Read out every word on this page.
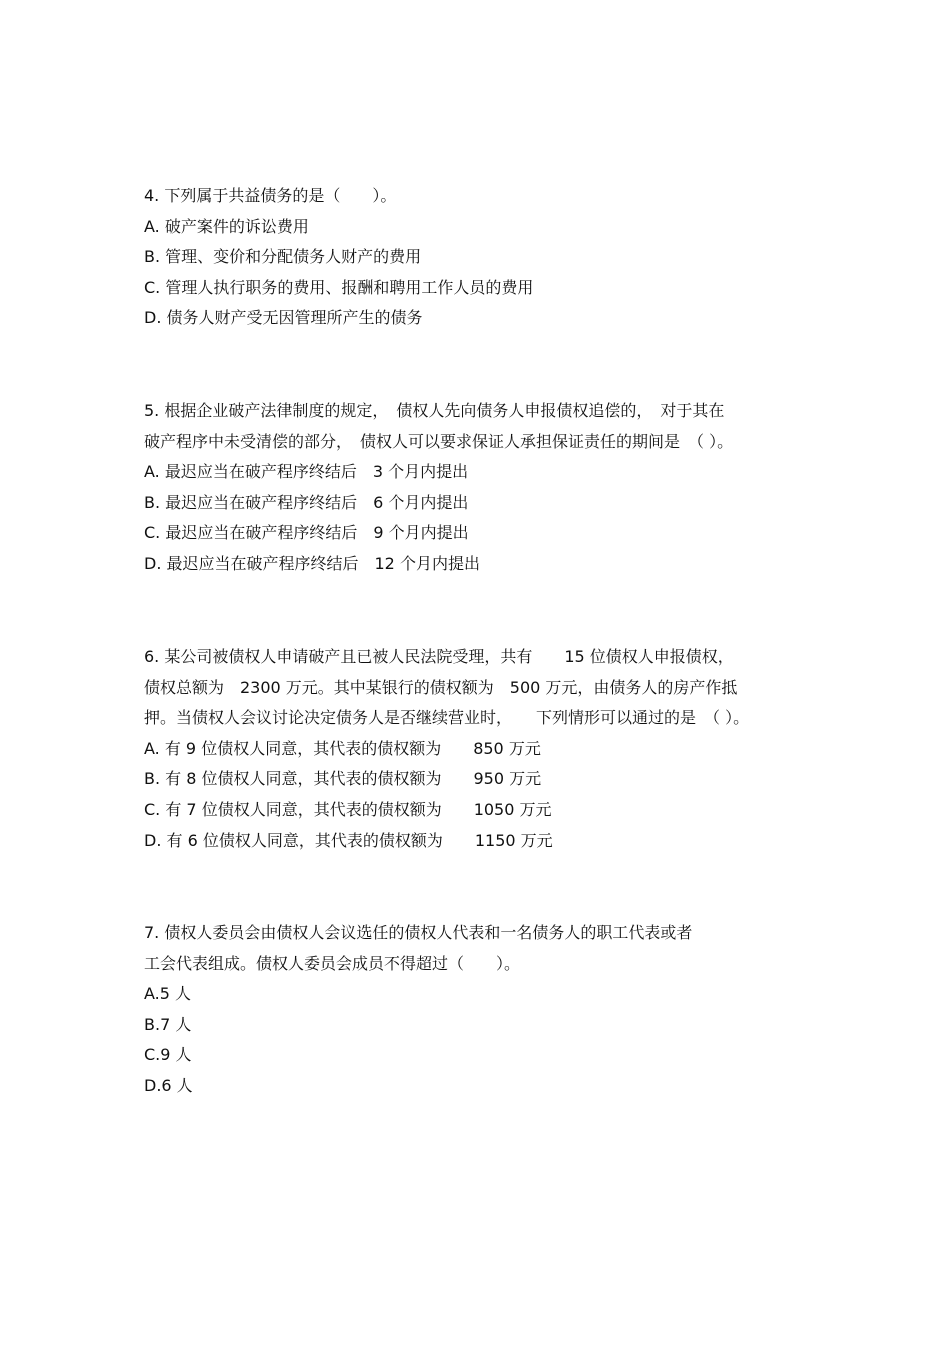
4. 下列属于共益债务的是（　　）。
A. 破产案件的诉讼费用
B. 管理、变价和分配债务人财产的费用
C. 管理人执行职务的费用、报酬和聘用工作人员的费用
D. 债务人财产受无因管理所产生的债务
5. 根据企业破产法律制度的规定，　债权人先向债务人申报债权追偿的，　对于其在
破产程序中未受清偿的部分，　债权人可以要求保证人承担保证责任的期间是　（ ）。
A. 最迟应当在破产程序终结后　3 个月内提出
B. 最迟应当在破产程序终结后　6 个月内提出
C. 最迟应当在破产程序终结后　9 个月内提出
D. 最迟应当在破产程序终结后　12 个月内提出
6. 某公司被债权人申请破产且已被人民法院受理，共有　　15 位债权人申报债权，
债权总额为　2300 万元。其中某银行的债权额为　500 万元，由债务人的房产作抵
押。当债权人会议讨论决定债务人是否继续营业时，　　下列情形可以通过的是　（ ）。
A. 有 9 位债权人同意，其代表的债权额为　　850 万元
B. 有 8 位债权人同意，其代表的债权额为　　950 万元
C. 有 7 位债权人同意，其代表的债权额为　　1050 万元
D. 有 6 位债权人同意，其代表的债权额为　　1150 万元
7. 债权人委员会由债权人会议选任的债权人代表和一名债务人的职工代表或者
工会代表组成。债权人委员会成员不得超过（　　）。
A.5 人
B.7 人
C.9 人
D.6 人
